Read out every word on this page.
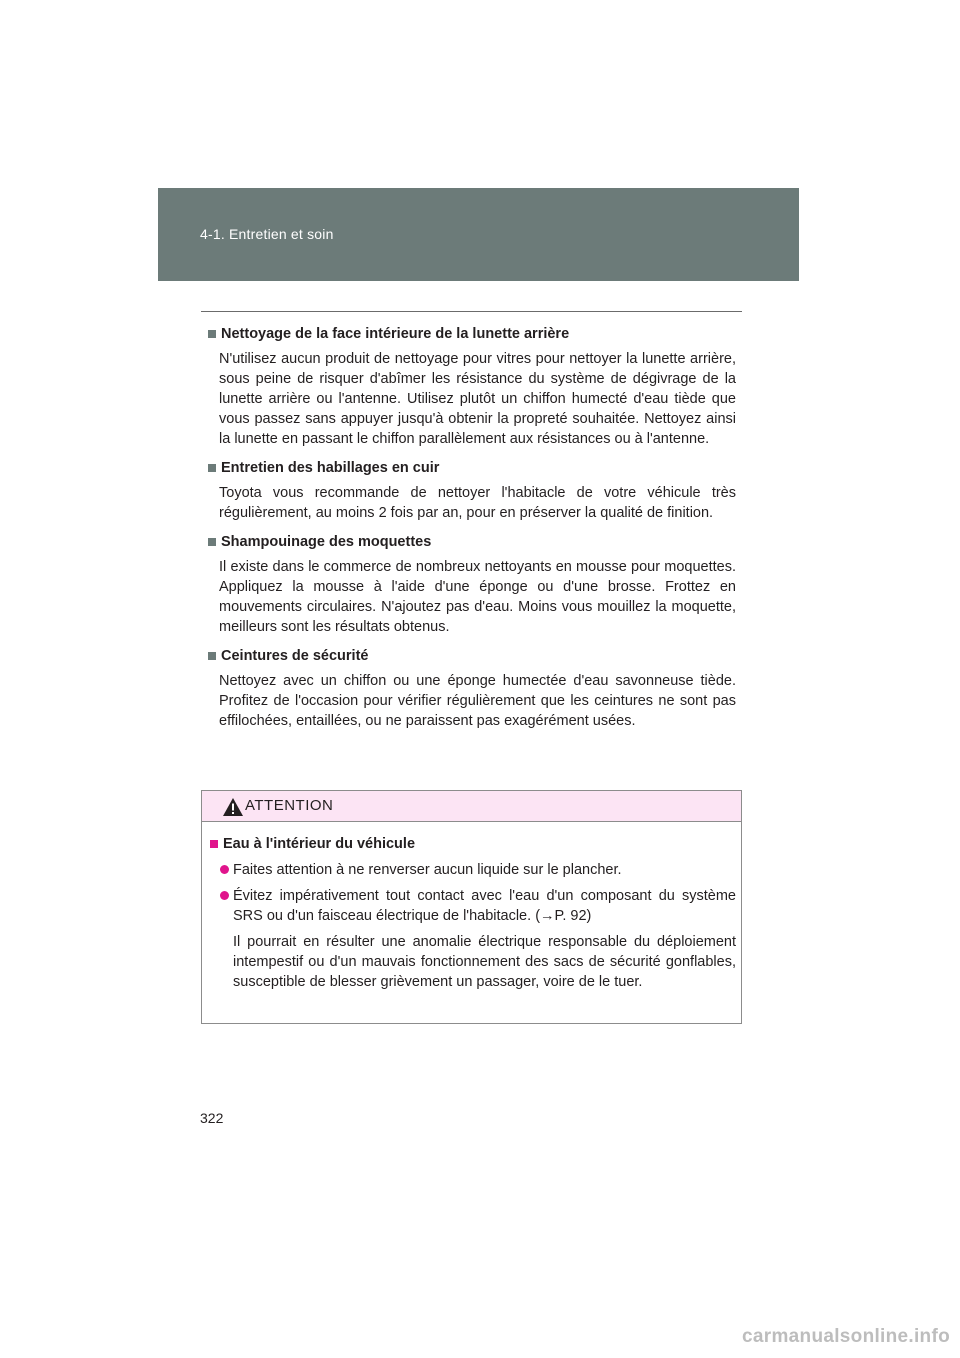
4-1. Entretien et soin
Nettoyage de la face intérieure de la lunette arrière
N'utilisez aucun produit de nettoyage pour vitres pour nettoyer la lunette arrière, sous peine de risquer d'abîmer les résistance du système de dégivrage de la lunette arrière ou l'antenne. Utilisez plutôt un chiffon humecté d'eau tiède que vous passez sans appuyer jusqu'à obtenir la propreté souhaitée. Nettoyez ainsi la lunette en passant le chiffon parallèlement aux résistances ou à l'antenne.
Entretien des habillages en cuir
Toyota vous recommande de nettoyer l'habitacle de votre véhicule très régulièrement, au moins 2 fois par an, pour en préserver la qualité de finition.
Shampouinage des moquettes
Il existe dans le commerce de nombreux nettoyants en mousse pour moquettes. Appliquez la mousse à l'aide d'une éponge ou d'une brosse. Frottez en mouvements circulaires. N'ajoutez pas d'eau. Moins vous mouillez la moquette, meilleurs sont les résultats obtenus.
Ceintures de sécurité
Nettoyez avec un chiffon ou une éponge humectée d'eau savonneuse tiède. Profitez de l'occasion pour vérifier régulièrement que les ceintures ne sont pas effilochées, entaillées, ou ne paraissent pas exagérément usées.
ATTENTION
Eau à l'intérieur du véhicule
Faites attention à ne renverser aucun liquide sur le plancher.
Évitez impérativement tout contact avec l'eau d'un composant du système SRS ou d'un faisceau électrique de l'habitacle. (→P. 92)
Il pourrait en résulter une anomalie électrique responsable du déploiement intempestif ou d'un mauvais fonctionnement des sacs de sécurité gonflables, susceptible de blesser grièvement un passager, voire de le tuer.
322
carmanualsonline.info
